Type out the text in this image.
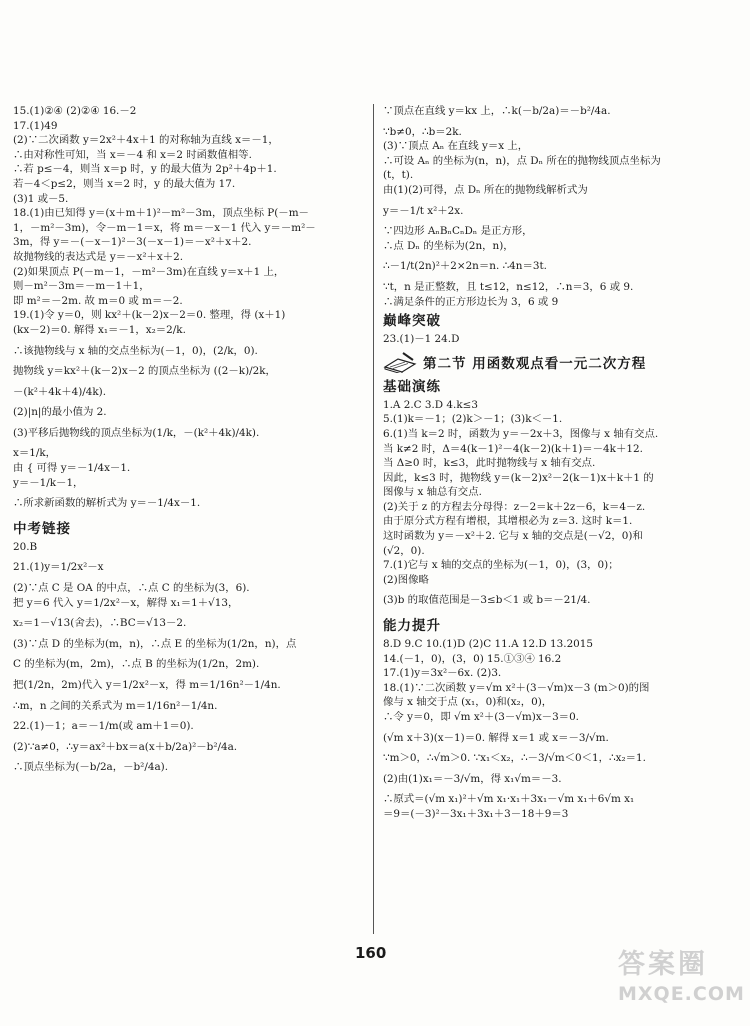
15.(1)②④ (2)②④ 16.－2
17.(1)49
(2)∵二次函数 y＝2x²＋4x＋1 的对称轴为直线 x＝－1，
∴由对称性可知，当 x＝－4 和 x＝2 时函数值相等.
∴若 p≤－4，则当 x＝p 时，y 的最大值为 2p²＋4p＋1.
若－4＜p≤2，则当 x＝2 时，y 的最大值为 17.
(3)1 或－5.
18.(1)由已知得 y＝(x＋m＋1)²－m²－3m，顶点坐标 P(－m－
1，－m²－3m)，令－m－1＝x，将 m＝－x－1 代入 y＝－m²－
3m，得 y＝－(－x－1)²－3(－x－1)＝－x²＋x＋2.
故抛物线的表达式是 y＝－x²＋x＋2.
(2)如果顶点 P(－m－1，－m²－3m)在直线 y＝x＋1 上，
则－m²－3m＝－m－1＋1，
即 m²＝－2m. 故 m＝0 或 m＝－2.
19.(1)令 y＝0，则 kx²＋(k－2)x－2＝0. 整理，得 (x＋1)
(kx－2)＝0. 解得 x₁＝－1，x₂＝2/k.
∴该抛物线与 x 轴的交点坐标为(－1，0)，(2/k，0).
抛物线 y＝kx²＋(k－2)x－2 的顶点坐标为 ((2－k)/2k，
－(k²＋4k＋4)/4k).
(2)|n|的最小值为 2.
(3)平移后抛物线的顶点坐标为(1/k，－(k²＋4k)/4k).
x＝1/k，
由 { 可得 y＝－1/4x－1.
y＝－1/k－1，
∴所求新函数的解析式为 y＝－1/4x－1.
中考链接
20.B
21.(1)y＝1/2x²－x
(2)∵点 C 是 OA 的中点，∴点 C 的坐标为(3，6).
把 y＝6 代入 y＝1/2x²－x，解得 x₁＝1＋√13，
x₂＝1－√13(舍去)，∴BC＝√13－2.
(3)∵点 D 的坐标为(m，n)，∴点 E 的坐标为(1/2n，n)，点
C 的坐标为(m，2m)，∴点 B 的坐标为(1/2n，2m).
把(1/2n，2m)代入 y＝1/2x²－x，得 m＝1/16n²－1/4n.
∴m，n 之间的关系式为 m＝1/16n²－1/4n.
22.(1)－1；a＝－1/m(或 am＋1＝0).
(2)∵a≠0，∴y＝ax²＋bx＝a(x＋b/2a)²－b²/4a.
∴顶点坐标为(－b/2a，－b²/4a).
∵顶点在直线 y＝kx 上，∴k(－b/2a)＝－b²/4a.
∵b≠0，∴b＝2k.
(3)∵顶点 Aₙ 在直线 y＝x 上，
∴可设 Aₙ 的坐标为(n，n)，点 Dₙ 所在的抛物线顶点坐标为
(t，t).
由(1)(2)可得，点 Dₙ 所在的抛物线解析式为
y＝－1/t x²＋2x.
∵四边形 AₙBₙCₙDₙ 是正方形，
∴点 Dₙ 的坐标为(2n，n)，
∴－1/t(2n)²＋2×2n＝n. ∴4n＝3t.
∵t，n 是正整数，且 t≤12，n≤12，∴n＝3，6 或 9.
∴满足条件的正方形边长为 3，6 或 9
巅峰突破
23.(1)－1 24.D
第二节 用函数观点看一元二次方程
基础演练
1.A 2.C 3.D 4.k≤3
5.(1)k＝－1；(2)k＞－1；(3)k＜－1.
6.(1)当 k＝2 时，函数为 y＝－2x＋3，图像与 x 轴有交点.
当 k≠2 时，Δ＝4(k－1)²－4(k－2)(k＋1)＝－4k＋12.
当 Δ≥0 时，k≤3，此时抛物线与 x 轴有交点.
因此，k≤3 时，抛物线 y＝(k－2)x²－2(k－1)x＋k＋1 的
图像与 x 轴总有交点.
(2)关于 z 的方程去分母得：z－2＝k＋2z－6，k＝4－z.
由于原分式方程有增根，其增根必为 z＝3. 这时 k＝1.
这时函数为 y＝－x²＋2. 它与 x 轴的交点是(－√2，0)和
(√2，0).
7.(1)它与 x 轴的交点的坐标为(－1，0)，(3，0)；
(2)图像略
(3)b 的取值范围是－3≤b＜1 或 b＝－21/4.
能力提升
8.D 9.C 10.(1)D (2)C 11.A 12.D 13.2015
14.(－1，0)，(3，0) 15.①③④ 16.2
17.(1)y＝3x²－6x. (2)3.
18.(1)∵二次函数 y＝√m x²＋(3－√m)x－3 (m＞0)的图
像与 x 轴交于点 (x₁，0)和(x₂，0)，
∴令 y＝0，即 √m x²＋(3－√m)x－3＝0.
(√m x＋3)(x－1)＝0. 解得 x＝1 或 x＝－3/√m.
∵m＞0，∴√m＞0. ∵x₁＜x₂，∴－3/√m＜0＜1，∴x₂＝1.
(2)由(1)x₁＝－3/√m，得 x₁√m＝－3.
∴原式＝(√m x₁)²＋√m x₁·x₁＋3x₁－√m x₁＋6√m x₁
＝9＝(－3)²－3x₁＋3x₁＋3－18＋9＝3
160	答案圈
MXQE.COM
